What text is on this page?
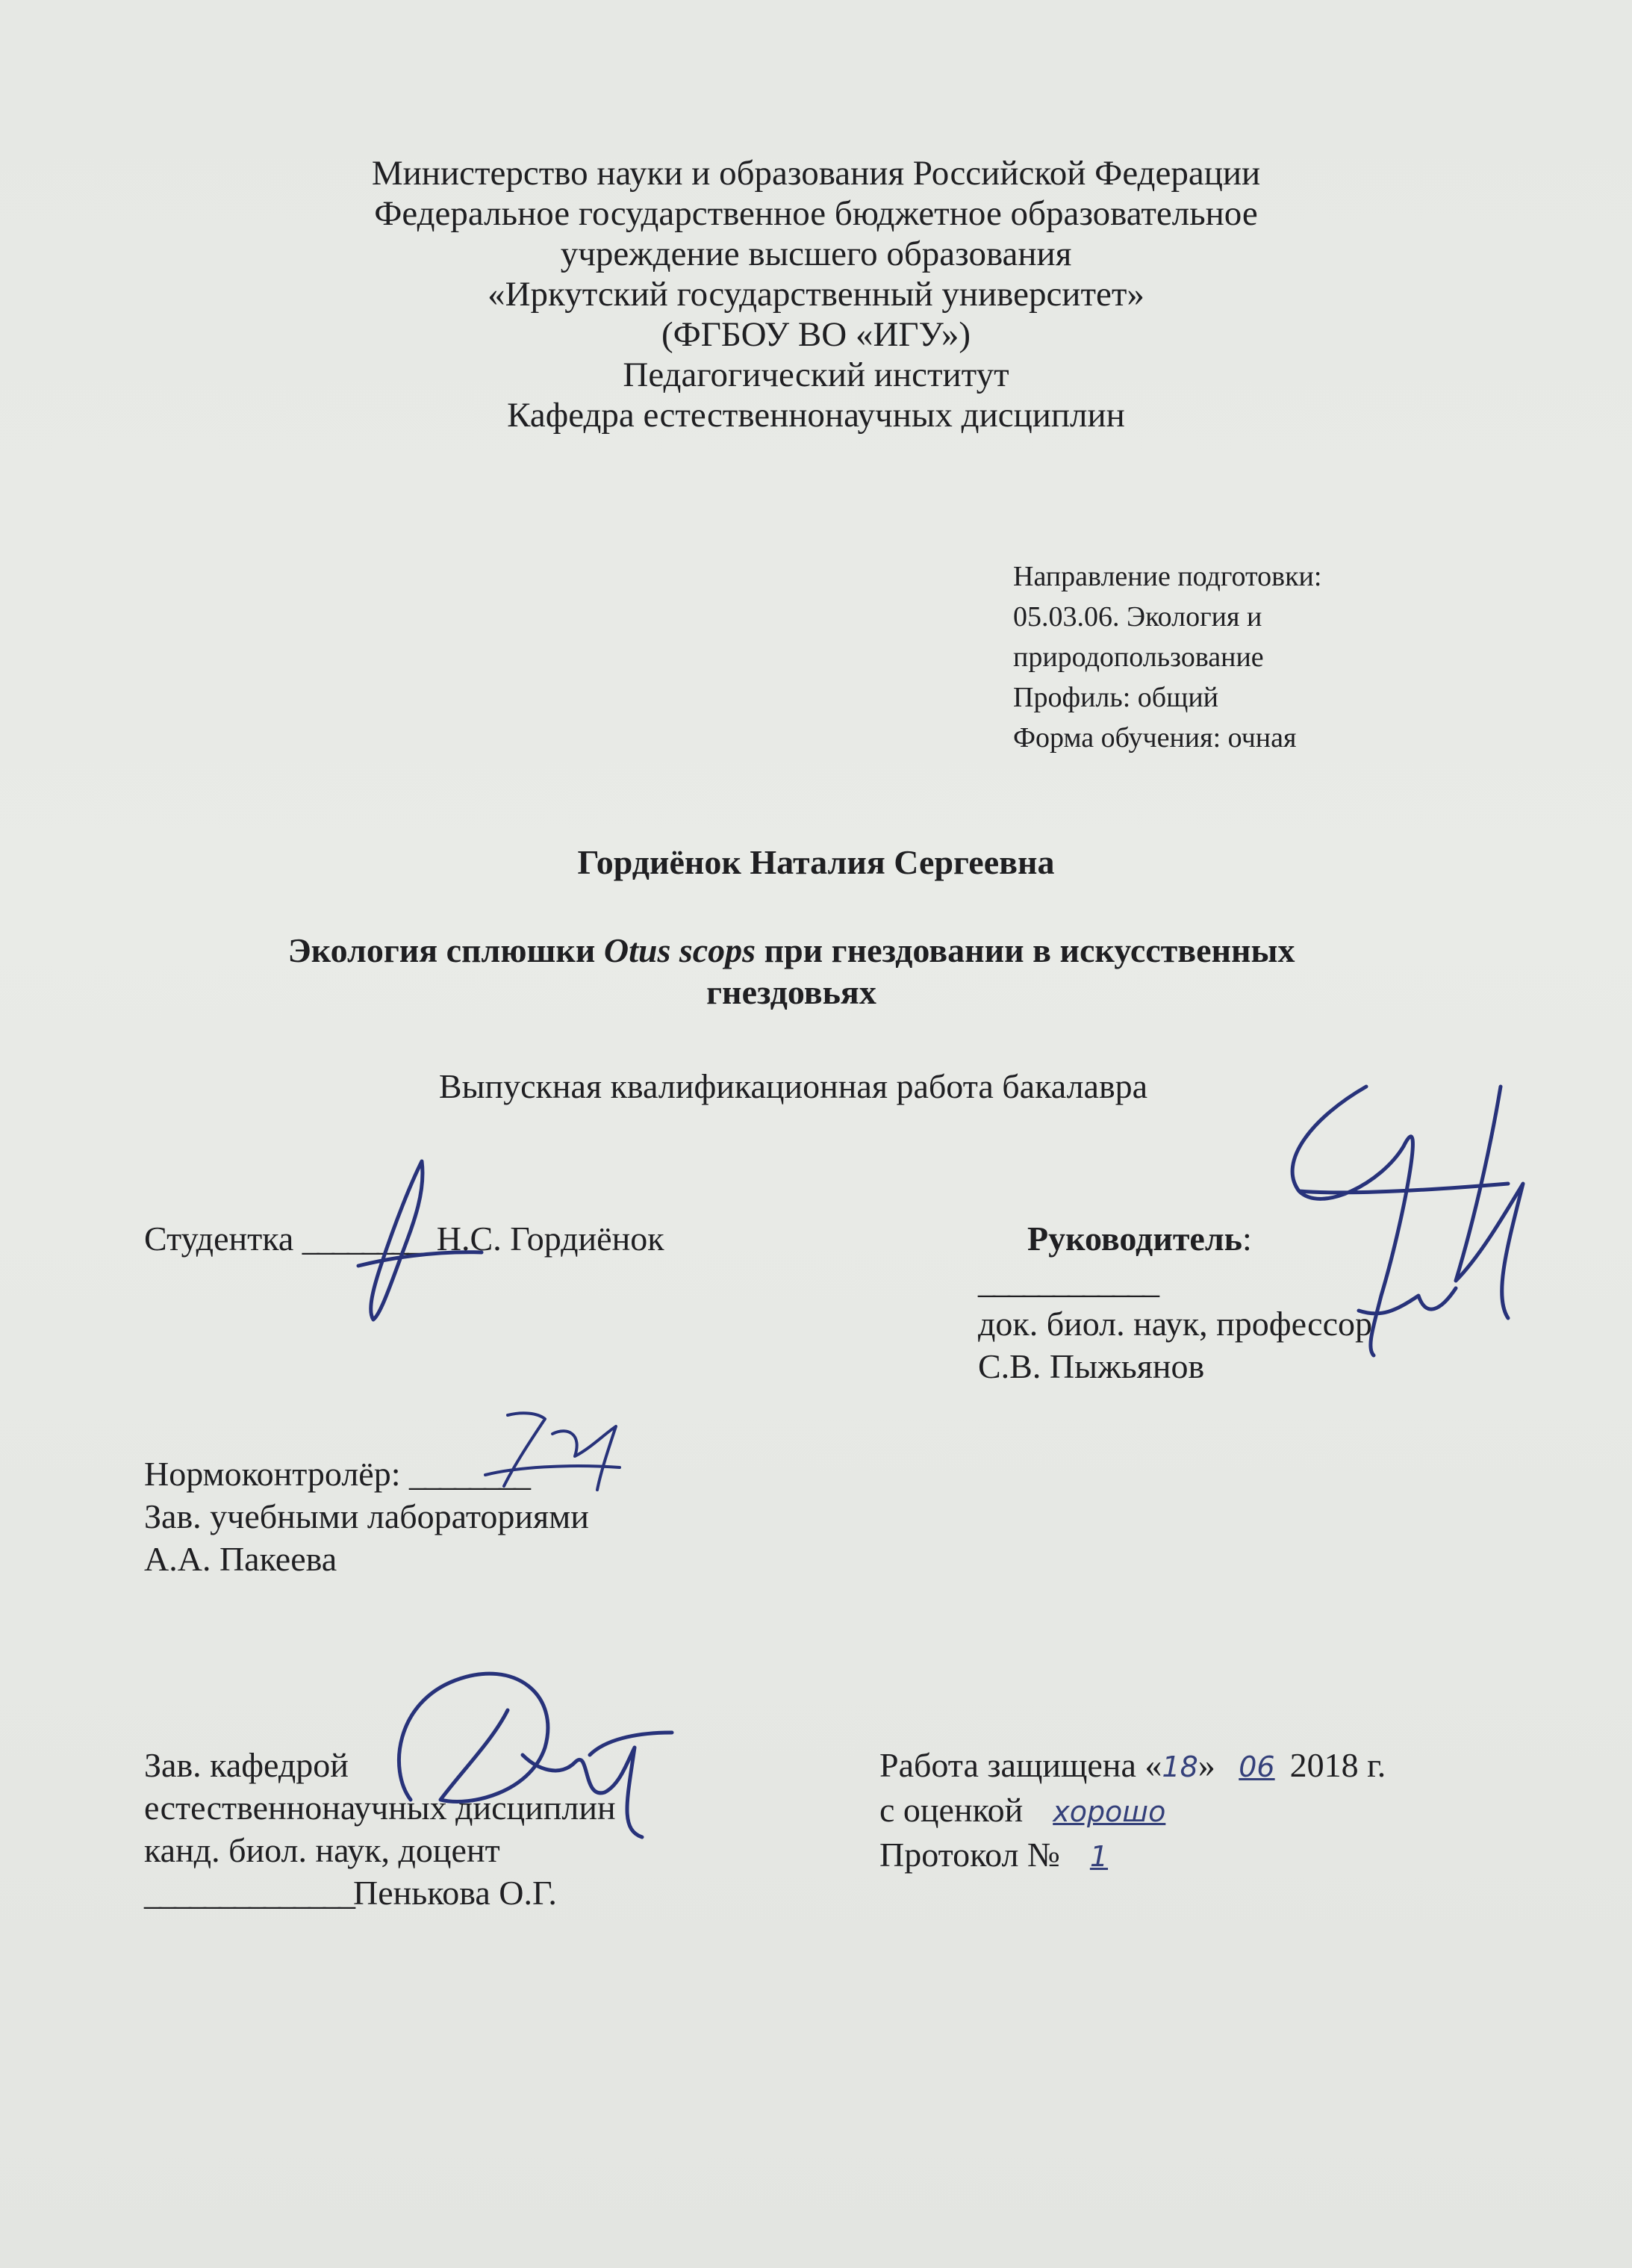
Министерство науки и образования Российской Федерации
Федеральное государственное бюджетное образовательное
учреждение высшего образования
«Иркутский государственный университет»
(ФГБОУ ВО «ИГУ»)
Педагогический институт
Кафедра естественнонаучных дисциплин
Направление подготовки:
05.03.06. Экология и
природопользование
Профиль: общий
Форма обучения: очная
Гордиёнок Наталия Сергеевна
Экология сплюшки Otus scops при гнездовании в искусственных
гнездовьях
Выпускная квалификационная работа бакалавра
Студентка _________Н.С. Гордиёнок	Руководитель:
____________
док. биол. наук, профессор
С.В. Пыжьянов
Нормоконтролёр: ________
Зав. учебными лабораториями
А.А. Пакеева
Зав. кафедрой
естественнонаучных дисциплин
канд. биол. наук, доцент
______________Пенькова О.Г.
Работа защищена «18» 06 2018 г.
с оценкой хорошо
Протокол № 1
